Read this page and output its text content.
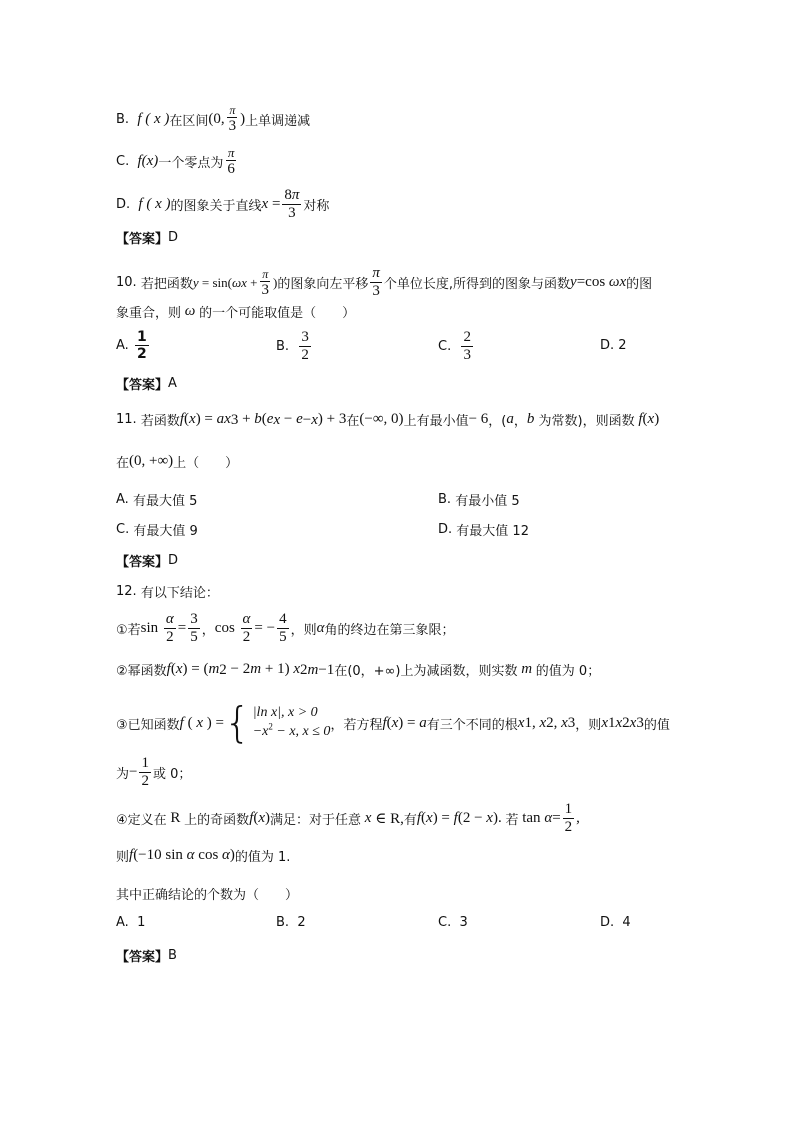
B.
f ( x ) 在区间 (0, $\frac{\pi}{3}$ ) 上单调递减
C.
f(x) 一个零点为 $\frac{\pi}{6}$
D.
f ( x ) 的图象关于直线 $x = \frac{8\pi}{3}$ 对称
【答案】 D
10.
若把函数 y = sin( $\omega x + \frac{\pi}{3}$ ) 的图象向左平移 $\frac{\pi}{3}$ 个单位长度,所得到的图象与函数 y =cos ωx 的图
象重合，则 ω 的一个可能取值是（　　）
A.
$\frac{1}{2}$	B.
$\frac{3}{2}$	C.
$\frac{2}{3}$	D.
2
【答案】 A
11.
若函数 f ( x ) = ax 3 + b ( e x − e −x ) + 3 在 (−∞, 0) 上有最小值 − 6 ，( a ， b
为常数)，则函数 f ( x )
在 (0, +∞) 上（　　）
A.
有最大值 5	B.
有最小值 5
C.
有最大值 9	D.
有最大值 12
【答案】 D
12.
有以下结论：
①若 $\sin \frac{\alpha}{2} = \frac{3}{5}$ ， $\cos \frac{\alpha}{2}$ = − $\frac{4}{5}$ ，则 α 角的终边在第三象限；
②幂函数 f ( x ) = ( m 2 − 2 m + 1) x 2m−1 在(0，+∞)上为减函数，则实数 m 的值为 0；
③已知函数 f ( x ) = { |ln x|, x > 0
$-x^2 - x$, x ≤ 0 ，若方程 f ( x ) = a 有三个不同的根 x 1 , x 2 , x 3 ，则 x 1 x 2 x 3 的值
为 − $\frac{1}{2}$ 或 0；
④定义在 R 上的奇函数 f ( x ) 满足：对于任意 x ∈ R, 有 f ( x ) = f (2 − x ). 若 $\tan \alpha = \frac{1}{2}$ ,
则 f (−10 sin α cos α ) 的值为 1.
其中正确结论的个数为（　　）
A.
1	B.
2	C.
3	D.
4
【答案】 B
